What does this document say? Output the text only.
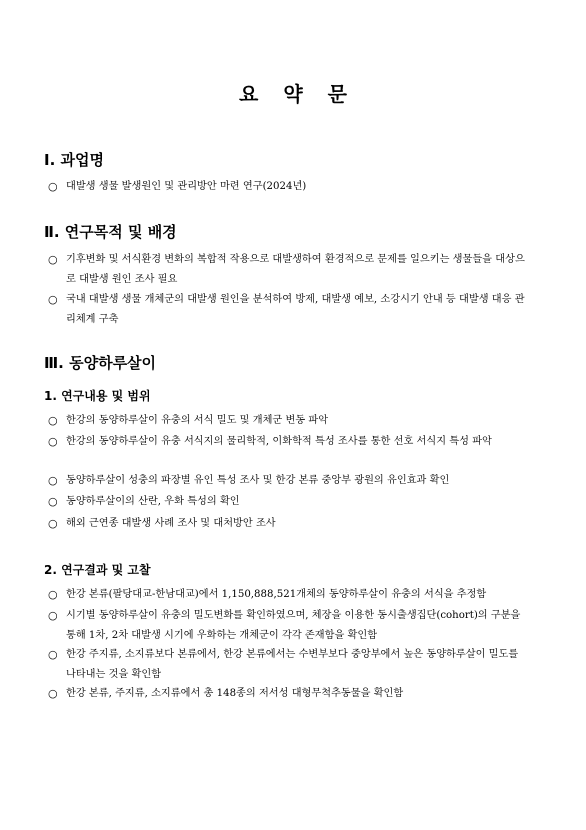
요 약 문
Ⅰ. 과업명
○ 대발생 생물 발생원인 및 관리방안 마련 연구(2024년)
Ⅱ. 연구목적 및 배경
○ 기후변화 및 서식환경 변화의 복합적 작용으로 대발생하여 환경적으로 문제를 일으키는 생물들을 대상으로 대발생 원인 조사 필요
○ 국내 대발생 생물 개체군의 대발생 원인을 분석하여 방제, 대발생 예보, 소강시기 안내 등 대발생 대응 관리체계 구축
Ⅲ. 동양하루살이
1. 연구내용 및 범위
○ 한강의 동양하루살이 유충의 서식 밀도 및 개체군 변동 파악
○ 한강의 동양하루살이 유충 서식지의 물리학적, 이화학적 특성 조사를 통한 선호 서식지 특성 파악
○ 동양하루살이 성충의 파장별 유인 특성 조사 및 한강 본류 중앙부 광원의 유인효과 확인
○ 동양하루살이의 산란, 우화 특성의 확인
○ 해외 근연종 대발생 사례 조사 및 대처방안 조사
2. 연구결과 및 고찰
○ 한강 본류(팔당대교-한남대교)에서 1,150,888,521개체의 동양하루살이 유충의 서식을 추정함
○ 시기별 동양하루살이 유충의 밀도변화를 확인하였으며, 체장을 이용한 동시출생집단(cohort)의 구분을 통해 1차, 2차 대발생 시기에 우화하는 개체군이 각각 존재함을 확인함
○ 한강 주지류, 소지류보다 본류에서, 한강 본류에서는 수변부보다 중앙부에서 높은 동양하루살이 밀도를 나타내는 것을 확인함
○ 한강 본류, 주지류, 소지류에서 총 148종의 저서성 대형무척추동물을 확인함
